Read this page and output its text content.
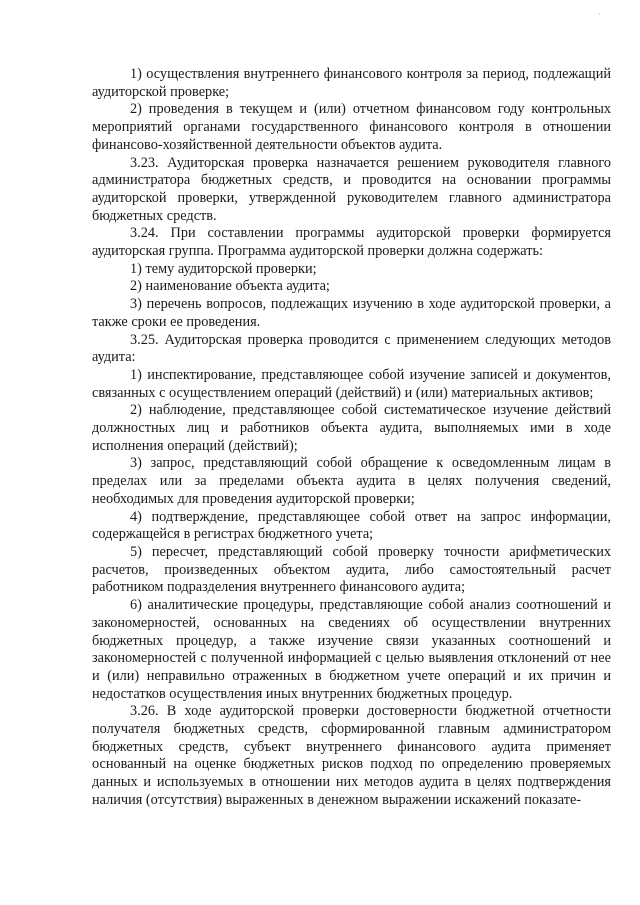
·

1) осуществления внутреннего финансового контроля за период, подлежащий аудиторской проверке;

2) проведения в текущем и (или) отчетном финансовом году контрольных мероприятий органами государственного финансового контроля в отношении финансово-хозяйственной деятельности объектов аудита.

3.23. Аудиторская проверка назначается решением руководителя главного администратора бюджетных средств, и проводится на основании программы аудиторской проверки, утвержденной руководителем главного администратора бюджетных средств.

3.24. При составлении программы аудиторской проверки формируется аудиторская группа. Программа аудиторской проверки должна содержать:

1) тему аудиторской проверки;

2) наименование объекта аудита;

3) перечень вопросов, подлежащих изучению в ходе аудиторской проверки, а также сроки ее проведения.

3.25. Аудиторская проверка проводится с применением следующих методов аудита:

1) инспектирование, представляющее собой изучение записей и документов, связанных с осуществлением операций (действий) и (или) материальных активов;

2) наблюдение, представляющее собой систематическое изучение действий должностных лиц и работников объекта аудита, выполняемых ими в ходе исполнения операций (действий);

3) запрос, представляющий собой обращение к осведомленным лицам в пределах или за пределами объекта аудита в целях получения сведений, необходимых для проведения аудиторской проверки;

4) подтверждение, представляющее собой ответ на запрос информации, содержащейся в регистрах бюджетного учета;

5) пересчет, представляющий собой проверку точности арифметических расчетов, произведенных объектом аудита, либо самостоятельный расчет работником подразделения внутреннего финансового аудита;

6) аналитические процедуры, представляющие собой анализ соотношений и закономерностей, основанных на сведениях об осуществлении внутренних бюджетных процедур, а также изучение связи указанных соотношений и закономерностей с полученной информацией с целью выявления отклонений от нее и (или) неправильно отраженных в бюджетном учете операций и их причин и недостатков осуществления иных внутренних бюджетных процедур.

3.26. В ходе аудиторской проверки достоверности бюджетной отчетности получателя бюджетных средств, сформированной главным администратором бюджетных средств, субъект внутреннего финансового аудита применяет основанный на оценке бюджетных рисков подход по определению проверяемых данных и используемых в отношении них методов аудита в целях подтверждения наличия (отсутствия) выраженных в денежном выражении искажений показате-
